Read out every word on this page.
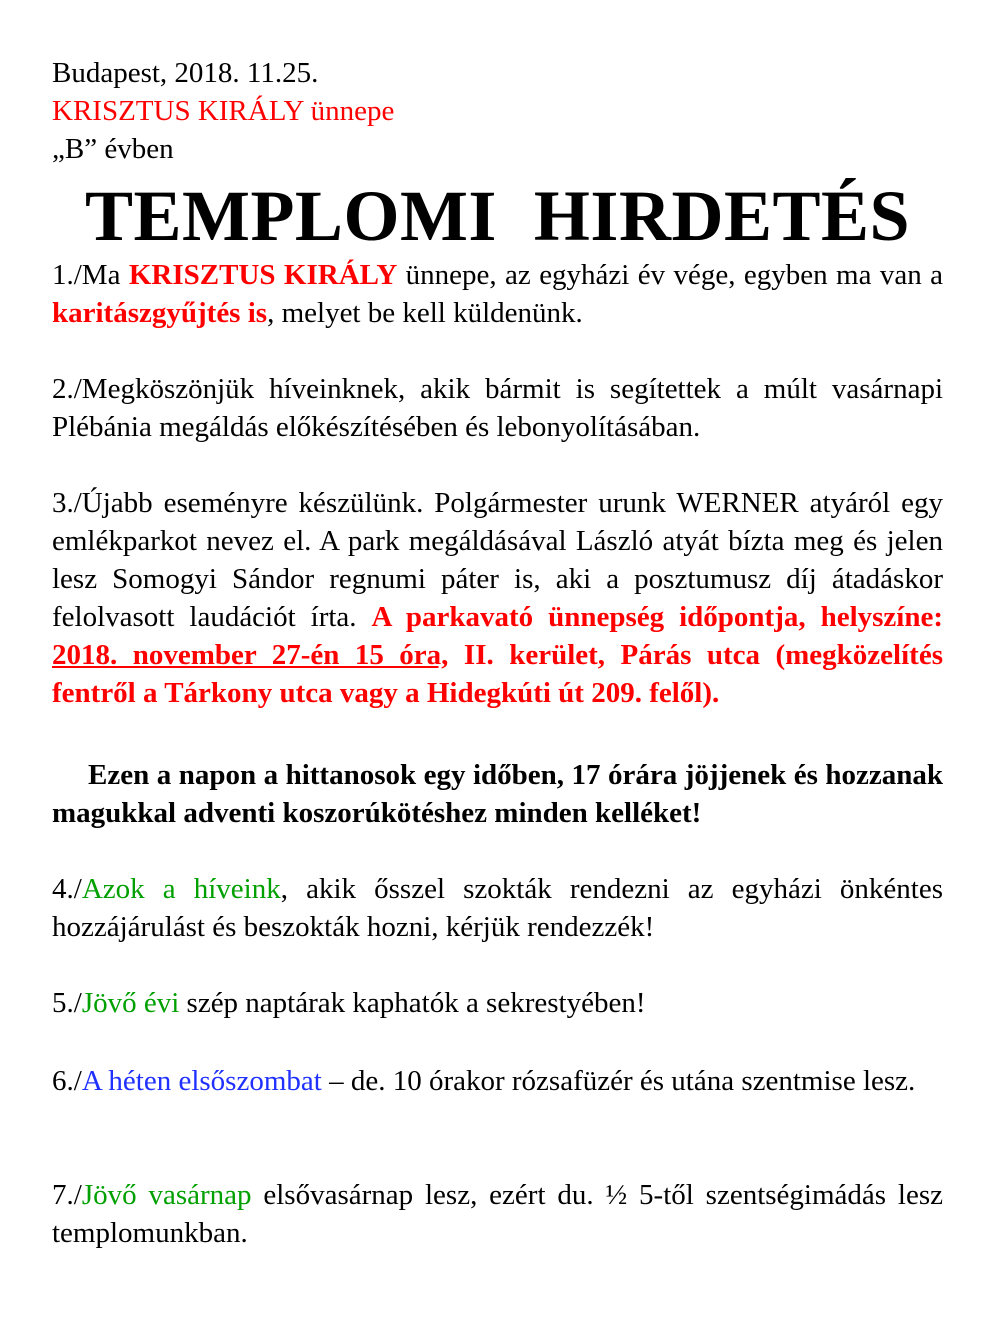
Budapest, 2018. 11.25.
KRISZTUS KIRÁLY ünnepe
„B” évben
TEMPLOMI  HIRDETÉS
1./Ma KRISZTUS KIRÁLY ünnepe, az egyházi év vége, egyben ma van a karitászgyűjtés is, melyet be kell küldenünk.
2./Megköszönjük híveinknek, akik bármit is segítettek a múlt vasárnapi Plébánia megáldás előkészítésében és lebonyolításában.
3./Újabb eseményre készülünk. Polgármester urunk WERNER atyáról egy emlékparkot nevez el. A park megáldásával László atyát bízta meg és jelen lesz Somogyi Sándor regnumi páter is, aki a posztumusz díj átadáskor felolvasott laudációt írta. A parkavató ünnepség időpontja, helyszíne: 2018. november 27-én 15 óra, II. kerület, Párás utca (megközelítés fentről a Tárkony utca vagy a Hidegkúti út 209. felől).
Ezen a napon a hittanosok egy időben, 17 órára jöjjenek és hozzanak magukkal adventi koszorúkötéshez minden kelléket!
4./Azok a híveink, akik ősszel szokták rendezni az egyházi önkéntes hozzájárulást és beszokták hozni, kérjük rendezzék!
5./Jövő évi szép naptárak kaphatók a sekrestyében!
6./A héten elsőszombat – de. 10 órakor rózsafüzér és utána szentmise lesz.
7./Jövő vasárnap elsővasárnap lesz, ezért du. ½ 5-től szentségimádás lesz templomunkban.
